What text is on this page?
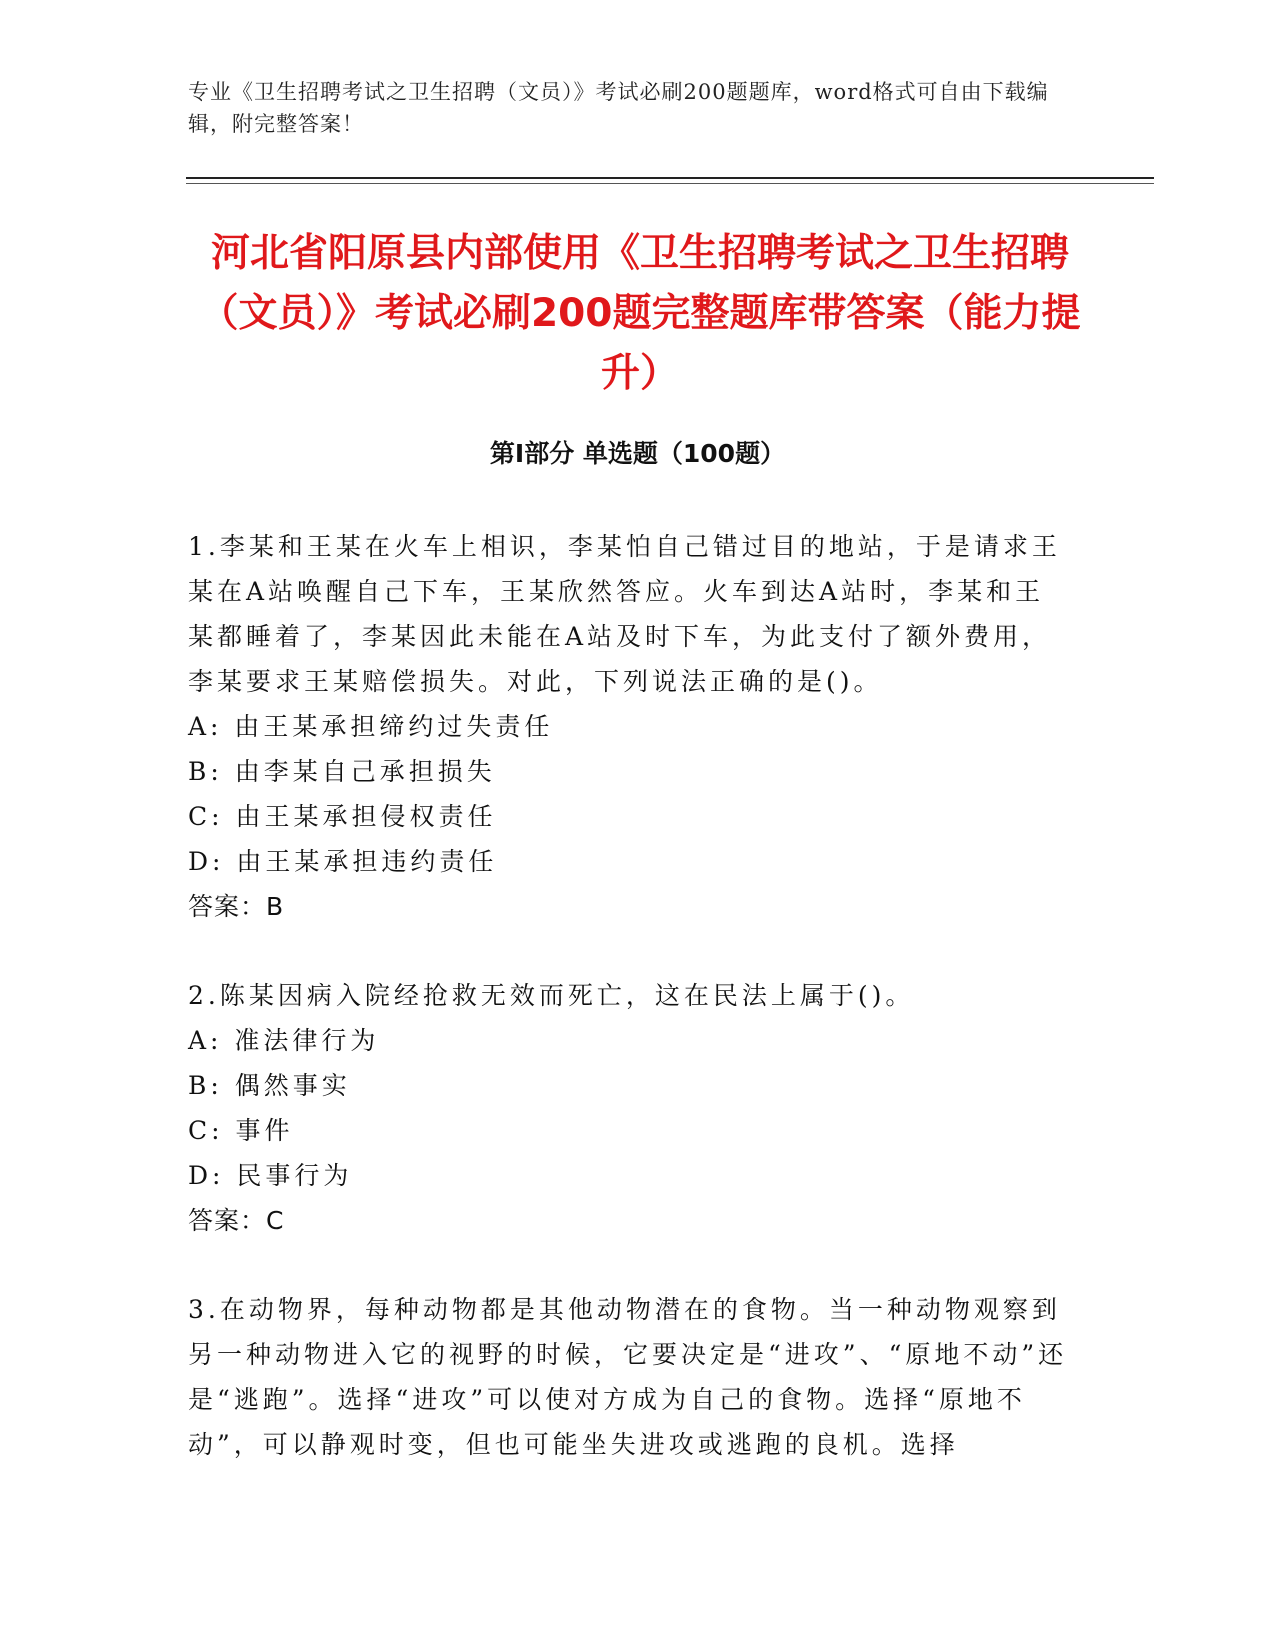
专业《卫生招聘考试之卫生招聘（文员）》考试必刷200题题库，word格式可自由下载编辑，附完整答案！
河北省阳原县内部使用《卫生招聘考试之卫生招聘（文员）》考试必刷200题完整题库带答案（能力提升）
第I部分 单选题（100题）

1.李某和王某在火车上相识，李某怕自己错过目的地站，于是请求王某在A站唤醒自己下车，王某欣然答应。火车到达A站时，李某和王某都睡着了，李某因此未能在A站及时下车，为此支付了额外费用，李某要求王某赔偿损失。对此，下列说法正确的是()。

A: 由王某承担缔约过失责任

B: 由李某自己承担损失

C: 由王某承担侵权责任

D: 由王某承担违约责任

答案：B

2.陈某因病入院经抢救无效而死亡，这在民法上属于()。

A: 准法律行为

B: 偶然事实

C: 事件

D: 民事行为

答案：C

3.在动物界，每种动物都是其他动物潜在的食物。当一种动物观察到另一种动物进入它的视野的时候，它要决定是“进攻”、“原地不动”还是“逃跑”。选择“进攻”可以使对方成为自己的食物。选择“原地不动”，可以静观时变，但也可能坐失进攻或逃跑的良机。选择
